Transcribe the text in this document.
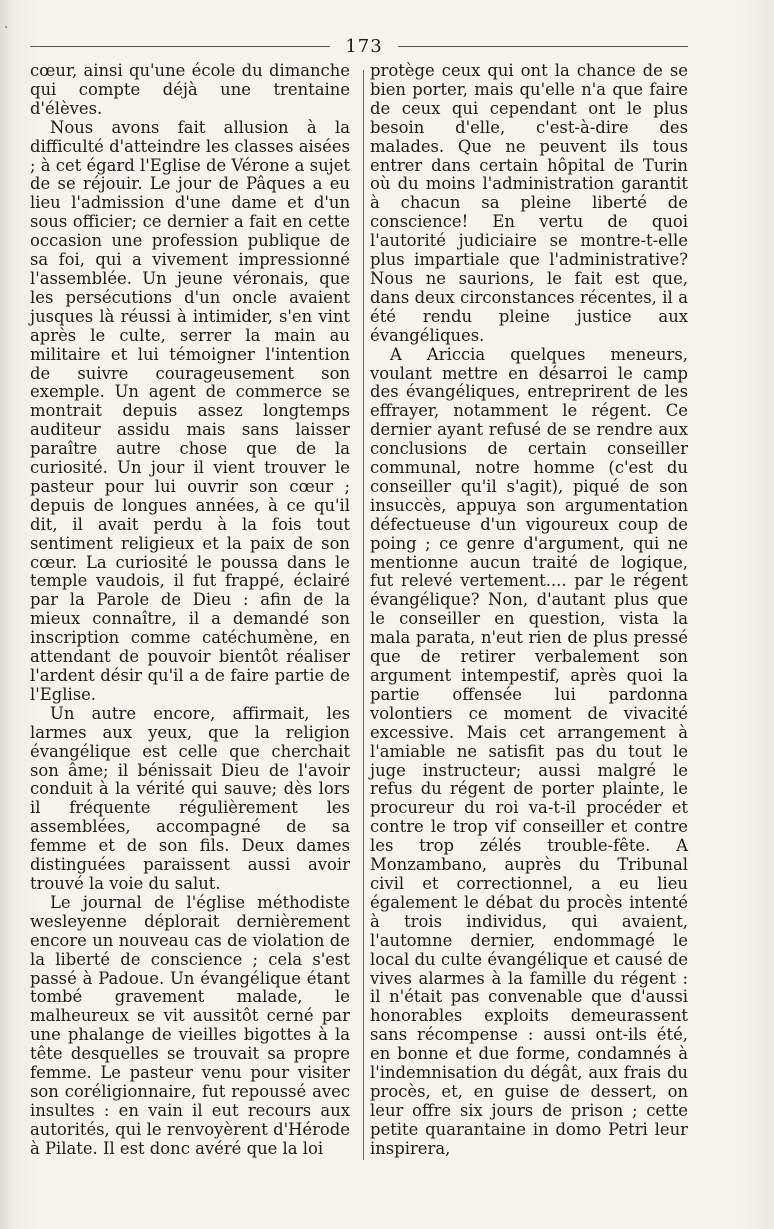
·
173

cœur, ainsi qu'une école du dimanche qui compte déjà une trentaine d'élèves.

Nous avons fait allusion à la difficulté d'atteindre les classes aisées ; à cet égard l'Eglise de Vérone a sujet de se réjouir. Le jour de Pâques a eu lieu l'admission d'une dame et d'un sous officier; ce dernier a fait en cette occasion une profession publique de sa foi, qui a vivement impressionné l'assemblée. Un jeune véronais, que les persécutions d'un oncle avaient jusques là réussi à intimider, s'en vint après le culte, serrer la main au militaire et lui témoigner l'intention de suivre courageusement son exemple. Un agent de commerce se montrait depuis assez longtemps auditeur assidu mais sans laisser paraître autre chose que de la curiosité. Un jour il vient trouver le pasteur pour lui ouvrir son cœur ; depuis de longues années, à ce qu'il dit, il avait perdu à la fois tout sentiment religieux et la paix de son cœur. La curiosité le poussa dans le temple vaudois, il fut frappé, éclairé par la Parole de Dieu : afin de la mieux connaître, il a demandé son inscription comme catéchumène, en attendant de pouvoir bientôt réaliser l'ardent désir qu'il a de faire partie de l'Eglise.

Un autre encore, affirmait, les larmes aux yeux, que la religion évangélique est celle que cherchait son âme; il bénissait Dieu de l'avoir conduit à la vérité qui sauve; dès lors il fréquente régulièrement les assemblées, accompagné de sa femme et de son fils. Deux dames distinguées paraissent aussi avoir trouvé la voie du salut.

Le journal de l'église méthodiste wesleyenne déplorait dernièrement encore un nouveau cas de violation de la liberté de conscience ; cela s'est passé à Padoue. Un évangélique étant tombé gravement malade, le malheureux se vit aussitôt cerné par une phalange de vieilles bigottes à la tête desquelles se trouvait sa propre femme. Le pasteur venu pour visiter son coréligionnaire, fut repoussé avec insultes : en vain il eut recours aux autorités, qui le renvoyèrent d'Hérode à Pilate. Il est donc avéré que la loi

protège ceux qui ont la chance de se bien porter, mais qu'elle n'a que faire de ceux qui cependant ont le plus besoin d'elle, c'est-à-dire des malades. Que ne peuvent ils tous entrer dans certain hôpital de Turin où du moins l'administration garantit à chacun sa pleine liberté de conscience! En vertu de quoi l'autorité judiciaire se montre-t-elle plus impartiale que l'administrative? Nous ne saurions, le fait est que, dans deux circonstances récentes, il a été rendu pleine justice aux évangéliques.

A Ariccia quelques meneurs, voulant mettre en désarroi le camp des évangéliques, entreprirent de les effrayer, notamment le régent. Ce dernier ayant refusé de se rendre aux conclusions de certain conseiller communal, notre homme (c'est du conseiller qu'il s'agit), piqué de son insuccès, appuya son argumentation défectueuse d'un vigoureux coup de poing ; ce genre d'argument, qui ne mentionne aucun traité de logique, fut relevé vertement.... par le régent évangélique? Non, d'autant plus que le conseiller en question, vista la mala parata, n'eut rien de plus pressé que de retirer verbalement son argument intempestif, après quoi la partie offensée lui pardonna volontiers ce moment de vivacité excessive. Mais cet arrangement à l'amiable ne satisfit pas du tout le juge instructeur; aussi malgré le refus du régent de porter plainte, le procureur du roi va-t-il procéder et contre le trop vif conseiller et contre les trop zélés trouble-fête. A Monzambano, auprès du Tribunal civil et correctionnel, a eu lieu également le débat du procès intenté à trois individus, qui avaient, l'automne dernier, endommagé le local du culte évangélique et causé de vives alarmes à la famille du régent : il n'était pas convenable que d'aussi honorables exploits demeurassent sans récompense : aussi ont-ils été, en bonne et due forme, condamnés à l'indemnisation du dégât, aux frais du procès, et, en guise de dessert, on leur offre six jours de prison ; cette petite quarantaine in domo Petri leur inspirera,
